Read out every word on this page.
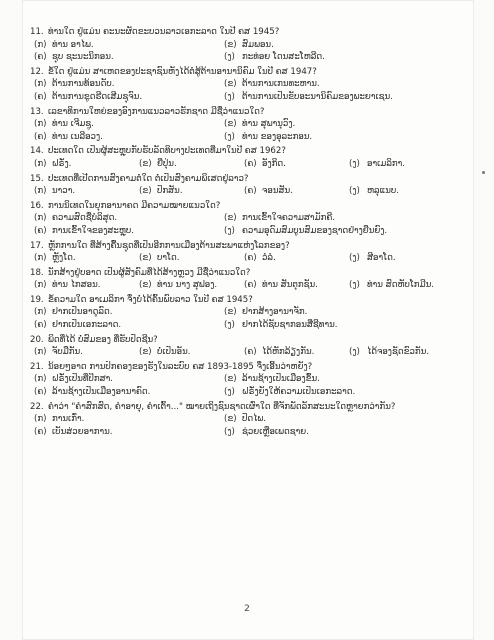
11. ທ່ານໃດ ຢູ່ແມ່ນ ຄະນະຜັດຂະບວນລາວເອກະລາດ ໃນປີ ຄສ 1945?
(ກ) ທ່ານ ອາໄພ.	(ຂ) ສົມພອນ.
(ຄ) ຊຸບ ຊະນະນິກອນ.	(ງ) ກະທ່ອຍ ໂດນສະໂຫລີດ.
12. ຂໍ້ໃດ ຢູ່ແມ່ນ ສາເຫດຂອງປະຊາຊົນຫັງໄດ້ຕໍ່ສູ້ຕ້ານອານານິຄົມ ໃນປີ ຄສ 1947?
(ກ) ຕ້ານການທ້ອນດັບ.	(ຂ) ຕ້ານການເກນທະຫານ.
(ຄ) ຕ້ານການຂູດຮີດເສີມຊຸຈົນ.	(ງ) ຕ້ານການເປັນຂັບອະນານິຄົມຂອງພະຍາເຊນ.
13. ເລຂາທິການໃຫຍ່ຂອງອົງການແນວລາວຮັກຊາດ ມີຊື່ວ່າແນວໃດ?
(ກ) ທ່ານ ເຈີມຊູ.	(ຂ) ທ່ານ ສຸພານຸວົງ.
(ຄ) ທ່ານ ເນລີອວງ.	(ງ) ທ່ານ ຂອງອຸລະກອນ.
14. ປະເທດໃດ ເປັນຜູ້ສະຫຼຸບກັບຮັບລັດທິບາງປະເທດທີ່ມາໃນປີ ຄສ 1962?
(ກ) ຝຣັ່ງ.	(ຂ) ຍີ່ປຸ່ນ.	(ຄ) ອັງກິດ.	(ງ) ອາເມລິກາ.
15. ປະເທດທີ່ເປີດການສົງຄາມຕ່ໍໃດ ຕ່ໍເປັນສົງຄາມພິເສດຢູ່ລາວ?
(ກ) ນາວາ.	(ຂ) ປັກສັນ.	(ຄ) ຈອນສັນ.	(ງ) ຫລຸແນບ.
16. ການນິເທດໃນຍຸກອານາຄດ ມີຄວາມໝາຍແນວໃດ?
(ກ) ຄວາມສົດຊື່ບໍລິສຸດ.	(ຂ) ການເຂົ້າໃຈຄວາມສາມັກຄີ.
(ຄ) ການເຂົ້າໃຈຂອງສະຫຼຸບ.	(ງ) ຄວາມອຸດົມສົມບູນສົມຂອງຊາດຢ່າງຍືນຍົງ.
17. ຫຼັກການໃດ ທີ່ສ້າງຄື້ນຊຸດທີ່ເປັນອີກການເມືອງຕ້ານສະພາແຫ່ງໂລກຂອງ?
(ກ) ຫຼັງໂດ.	(ຂ) ບາໂດ.	(ຄ) ວໍລໍ.	(ງ) ສີອາໂດ.
18. ນັກສ້າງຢູ່ບອາດ ເປັນຜູ້ສັງຄົມທີ່ໄດ້ສ້າງຫຼວງ ມີຊື່ວ່າແນວໃດ?
(ກ) ທ່ານ ໄກສອນ.	(ຂ) ທ່ານ ນາງ ສຸຟອງ.	(ຄ) ທ່ານ ສັນຕຸກຊັນ.	(ງ) ທ່ານ ສົດຫັບໂກມີນ.
19. ຂໍ້ຄວາມໃດ ອາເມລິກາ ຈຶ່ງບໍ່ໄດ້ຄົ້ນພົບລາວ ໃນປີ ຄສ 1945?
(ກ) ຢາກເປັນອາດູລົດ.	(ຂ) ຢາກສ້າງອານາຈັກ.
(ຄ) ຢາກເປັນເອກະລາດ.	(ງ) ຢາກໄດ້ຊັບຊາກອນສີ່ຊີທານ.
20. ພິດທີ່ໄດ້ ບໍ່ສົມຂອງ ທີ່ຮັບປັດຊີນ?
(ກ) ຈັບມືກັນ.	(ຂ) ບໍ່ເປັນອັນ.	(ຄ) ໄດ້ຫັກລ້ຽງກັນ.	(ງ) ໄດ້ຈອງຊັດຂົວກັນ.
21. ນ້ອຍໆອາດ ການປົກຄອງຂອງຮັງໃນລະບົບ ຄສ 1893-1895 ຈຶ່ງເອີ້ນວ່າຫຍັງ?
(ກ) ຝຣັ່ງເປັນທີ່ປຶກສາ.	(ຂ) ລ້ານຊ້າງເປັນເມືອງຂຶ້ນ.
(ຄ) ລ້ານຊ້າງເປັນເມືອງອານາຄົດ.	(ງ) ຝຣັ່ງຍັງໃຫ້ຄວາມເປັນເອກະລາດ.
22. ຄຳວ່າ "ຄຳສົກສົດ, ຄຳອາຍຸ, ຄຳເຕົ້າ..." ໝາຍເຖິງຊົນຊາດເຜົ່າໃດ ທີ່ຈັກພັດລັກສະນະໃດຫຼາຍກວ່າກັນ?
(ກ) ການເກົ່າ.	(ຂ) ປັດໄພ.
(ຄ) ເບັນສ່ວຍອາການ.	(ງ) ຊ່ວຍເຫຼືອເພດຊາຍ.
2
